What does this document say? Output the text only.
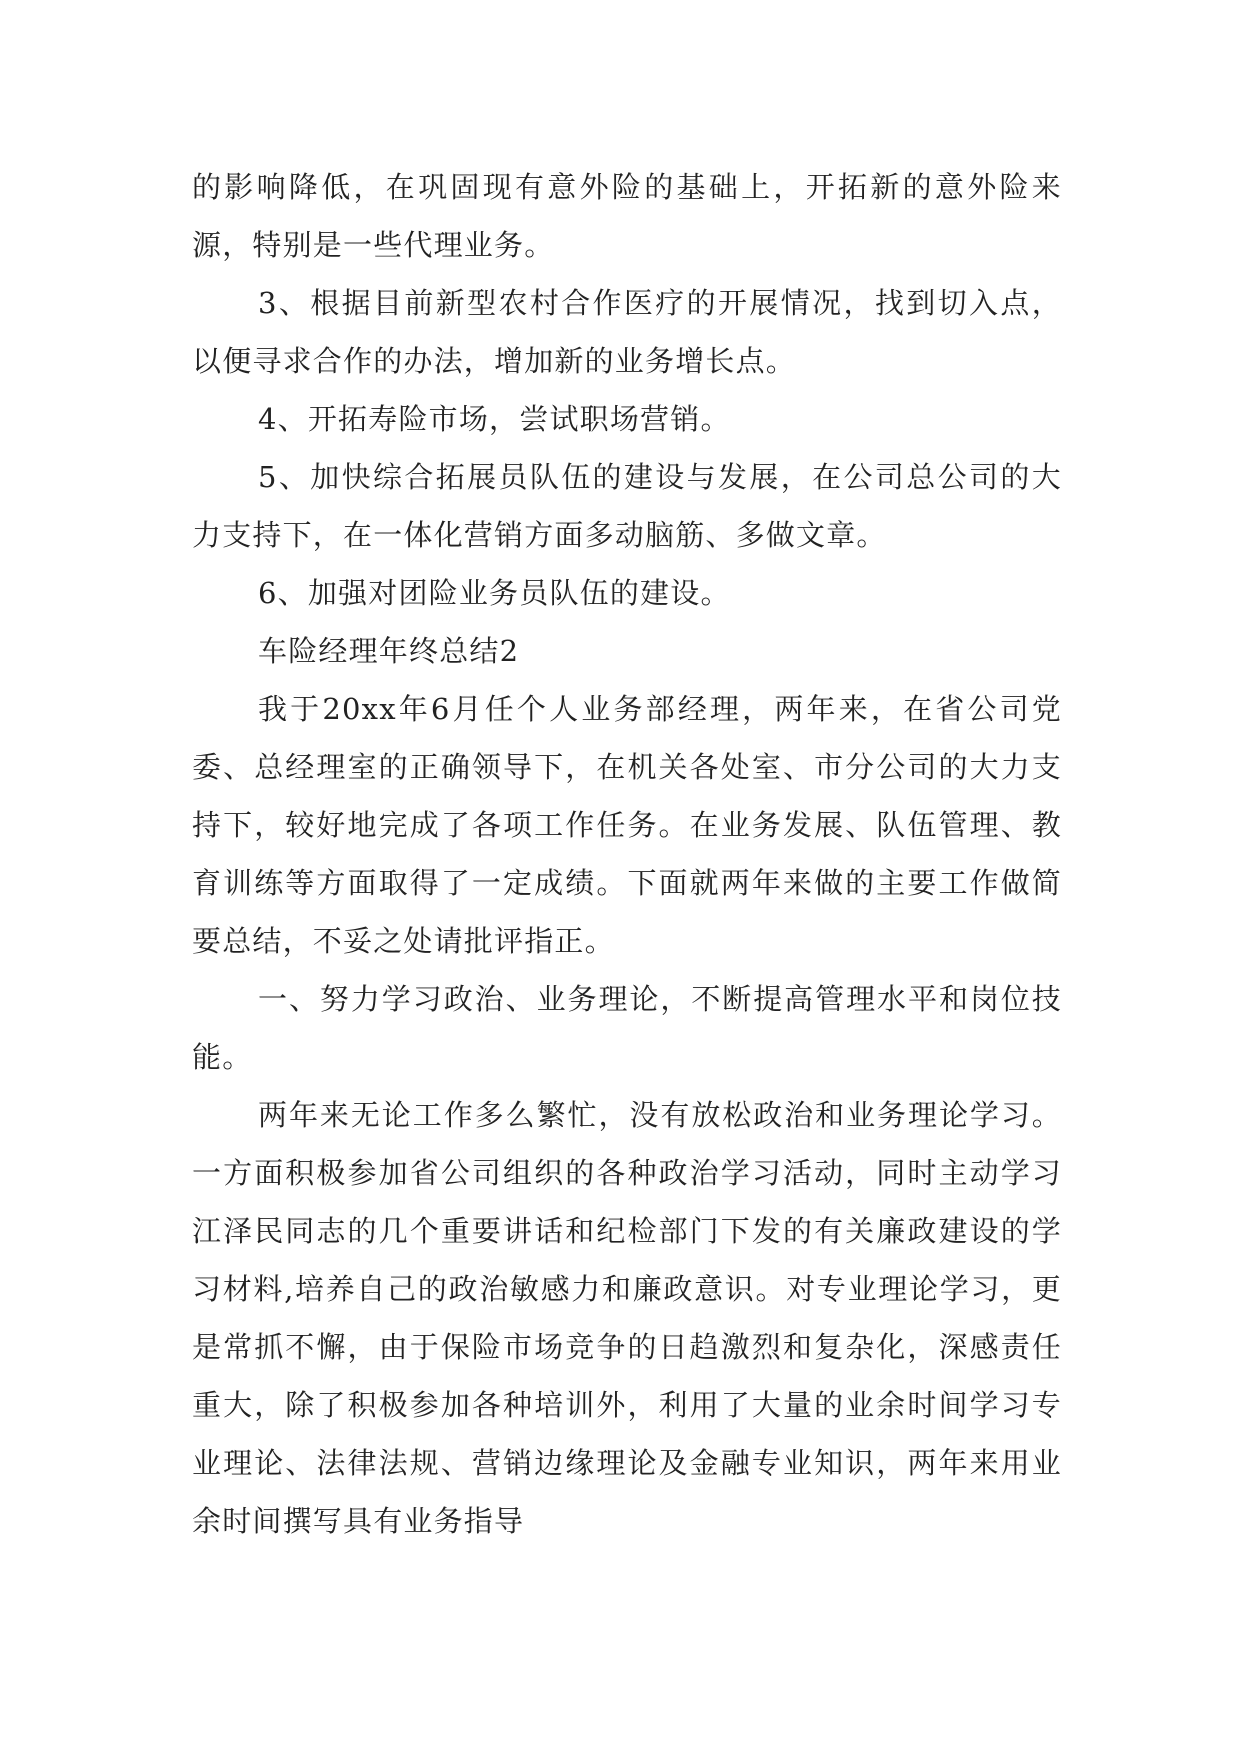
的影响降低，在巩固现有意外险的基础上，开拓新的意外险来源，特别是一些代理业务。

3、根据目前新型农村合作医疗的开展情况，找到切入点，以便寻求合作的办法，增加新的业务增长点。

4、开拓寿险市场，尝试职场营销。

5、加快综合拓展员队伍的建设与发展，在公司总公司的大力支持下，在一体化营销方面多动脑筋、多做文章。

6、加强对团险业务员队伍的建设。

车险经理年终总结2

我于20xx年6月任个人业务部经理，两年来，在省公司党委、总经理室的正确领导下，在机关各处室、市分公司的大力支持下，较好地完成了各项工作任务。在业务发展、队伍管理、教育训练等方面取得了一定成绩。下面就两年来做的主要工作做简要总结，不妥之处请批评指正。

一、努力学习政治、业务理论，不断提高管理水平和岗位技能。

两年来无论工作多么繁忙，没有放松政治和业务理论学习。一方面积极参加省公司组织的各种政治学习活动，同时主动学习江泽民同志的几个重要讲话和纪检部门下发的有关廉政建设的学习材料,培养自己的政治敏感力和廉政意识。对专业理论学习，更是常抓不懈，由于保险市场竞争的日趋激烈和复杂化，深感责任重大，除了积极参加各种培训外，利用了大量的业余时间学习专业理论、法律法规、营销边缘理论及金融专业知识，两年来用业余时间撰写具有业务指导
